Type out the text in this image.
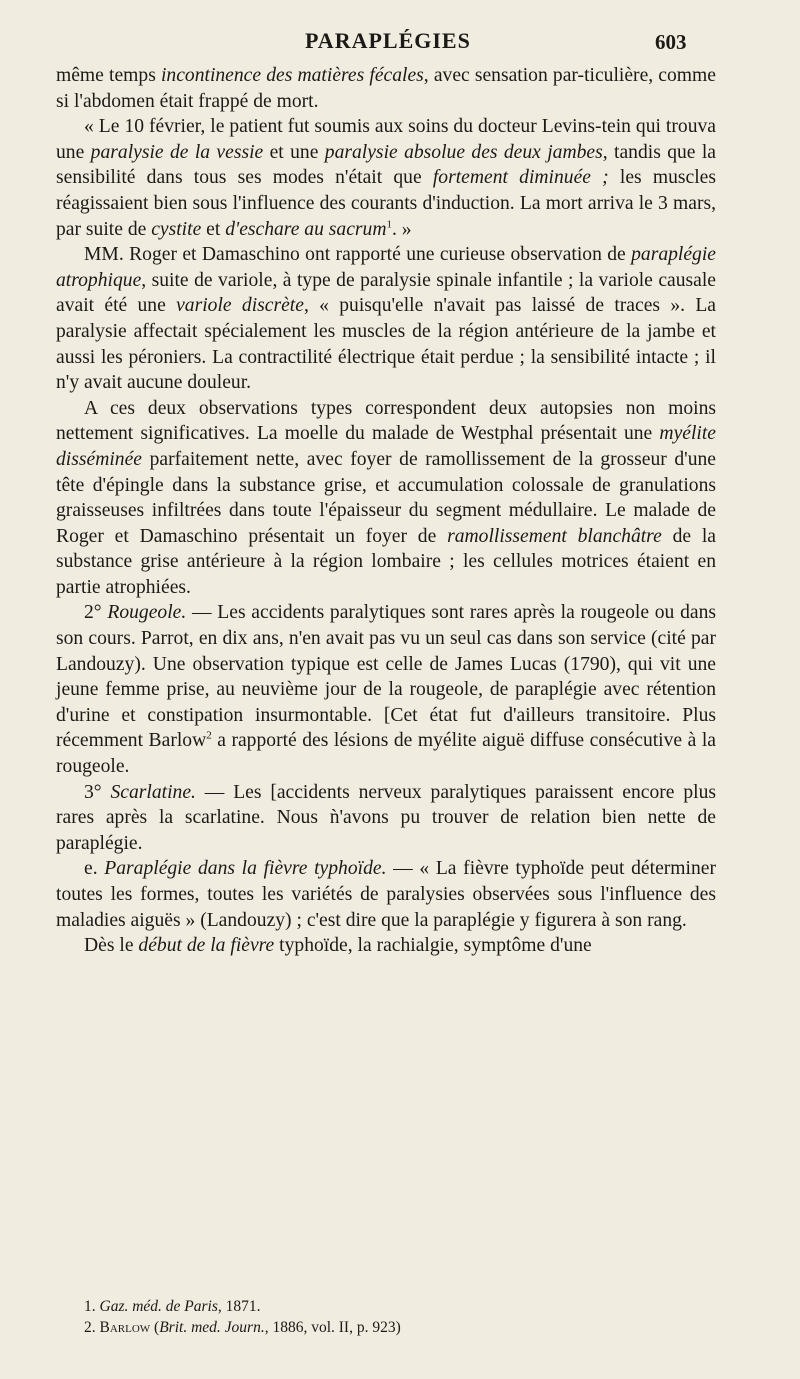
PARAPLÉGIES	603

même temps incontinence des matières fécales, avec sensation par-ticulière, comme si l'abdomen était frappé de mort.

« Le 10 février, le patient fut soumis aux soins du docteur Levins-tein qui trouva une paralysie de la vessie et une paralysie absolue des deux jambes, tandis que la sensibilité dans tous ses modes n'était que fortement diminuée ; les muscles réagissaient bien sous l'influence des courants d'induction. La mort arriva le 3 mars, par suite de cystite et d'eschare au sacrum$^1$. »

MM. Roger et Damaschino ont rapporté une curieuse observation de paraplégie atrophique, suite de variole, à type de paralysie spinale infantile ; la variole causale avait été une variole discrète, « puisqu'elle n'avait pas laissé de traces ». La paralysie affectait spécialement les muscles de la région antérieure de la jambe et aussi les péroniers. La contractilité électrique était perdue ; la sensibilité intacte ; il n'y avait aucune douleur.

A ces deux observations types correspondent deux autopsies non moins nettement significatives. La moelle du malade de Westphal présentait une myélite disséminée parfaitement nette, avec foyer de ramollissement de la grosseur d'une tête d'épingle dans la substance grise, et accumulation colossale de granulations graisseuses infiltrées dans toute l'épaisseur du segment médullaire. Le malade de Roger et Damaschino présentait un foyer de ramollissement blanchâtre de la substance grise antérieure à la région lombaire ; les cellules motrices étaient en partie atrophiées.

2° Rougeole. — Les accidents paralytiques sont rares après la rougeole ou dans son cours. Parrot, en dix ans, n'en avait pas vu un seul cas dans son service (cité par Landouzy). Une observation typique est celle de James Lucas (1790), qui vit une jeune femme prise, au neuvième jour de la rougeole, de paraplégie avec rétention d'urine et constipation insurmontable. [Cet état fut d'ailleurs transitoire. Plus récemment Barlow$^2$ a rapporté des lésions de myélite aiguë diffuse consécutive à la rougeole.

3° Scarlatine. — Les [accidents nerveux paralytiques paraissent encore plus rares après la scarlatine. Nous ǹ'avons pu trouver de relation bien nette de paraplégie.

e. Paraplégie dans la fièvre typhoïde. — « La fièvre typhoïde peut déterminer toutes les formes, toutes les variétés de paralysies observées sous l'influence des maladies aiguës » (Landouzy) ; c'est dire que la paraplégie y figurera à son rang.

Dès le début de la fièvre typhoïde, la rachialgie, symptôme d'une

1. Gaz. méd. de Paris, 1871.
2. Barlow (Brit. med. Journ., 1886, vol. II, p. 923)
